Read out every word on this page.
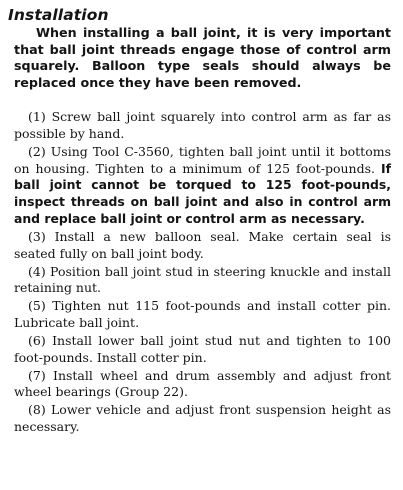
Installation

When installing a ball joint, it is very important that ball joint threads engage those of control arm squarely. Balloon type seals should always be replaced once they have been removed.

(1) Screw ball joint squarely into control arm as far as possible by hand.

(2) Using Tool C-3560, tighten ball joint until it bottoms on housing. Tighten to a minimum of 125 foot-pounds. If ball joint cannot be torqued to 125 foot-pounds, inspect threads on ball joint and also in control arm and replace ball joint or control arm as necessary.

(3) Install a new balloon seal. Make certain seal is seated fully on ball joint body.

(4) Position ball joint stud in steering knuckle and install retaining nut.

(5) Tighten nut 115 foot-pounds and install cotter pin. Lubricate ball joint.

(6) Install lower ball joint stud nut and tighten to 100 foot-pounds. Install cotter pin.

(7) Install wheel and drum assembly and adjust front wheel bearings (Group 22).

(8) Lower vehicle and adjust front suspension height as necessary.
